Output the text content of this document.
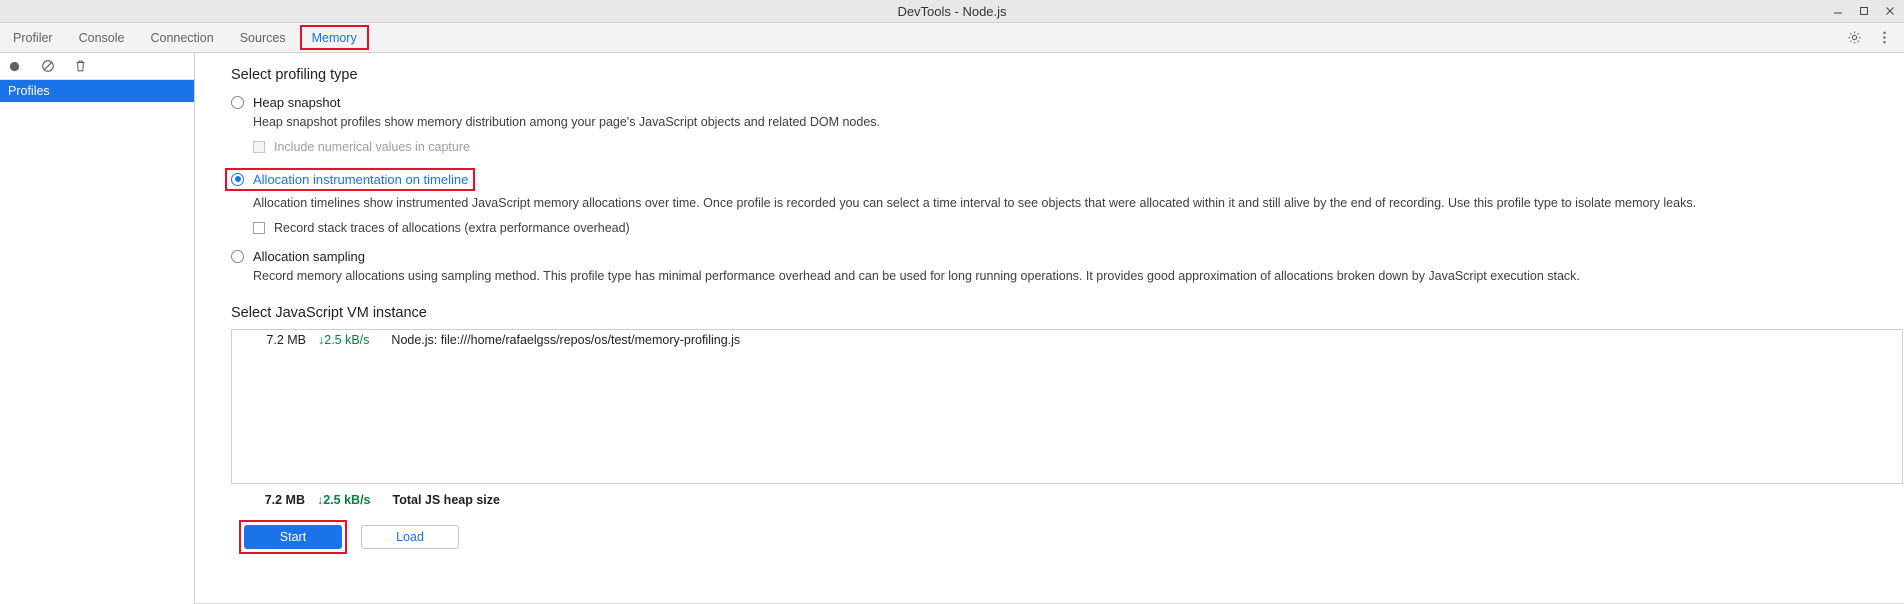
DevTools - Node.js
Profiler Console Connection Sources Memory
Profiles
Select profiling type
Heap snapshot
Heap snapshot profiles show memory distribution among your page's JavaScript objects and related DOM nodes.
Include numerical values in capture
Allocation instrumentation on timeline
Allocation timelines show instrumented JavaScript memory allocations over time. Once profile is recorded you can select a time interval to see objects that were allocated within it and still alive by the end of recording. Use this profile type to isolate memory leaks.
Record stack traces of allocations (extra performance overhead)
Allocation sampling
Record memory allocations using sampling method. This profile type has minimal performance overhead and can be used for long running operations. It provides good approximation of allocations broken down by JavaScript execution stack.
Select JavaScript VM instance
7.2 MB ↓2.5 kB/s	Node.js: file:///home/rafaelgss/repos/os/test/memory-profiling.js
7.2 MB ↓2.5 kB/s	Total JS heap size
Start	Load
